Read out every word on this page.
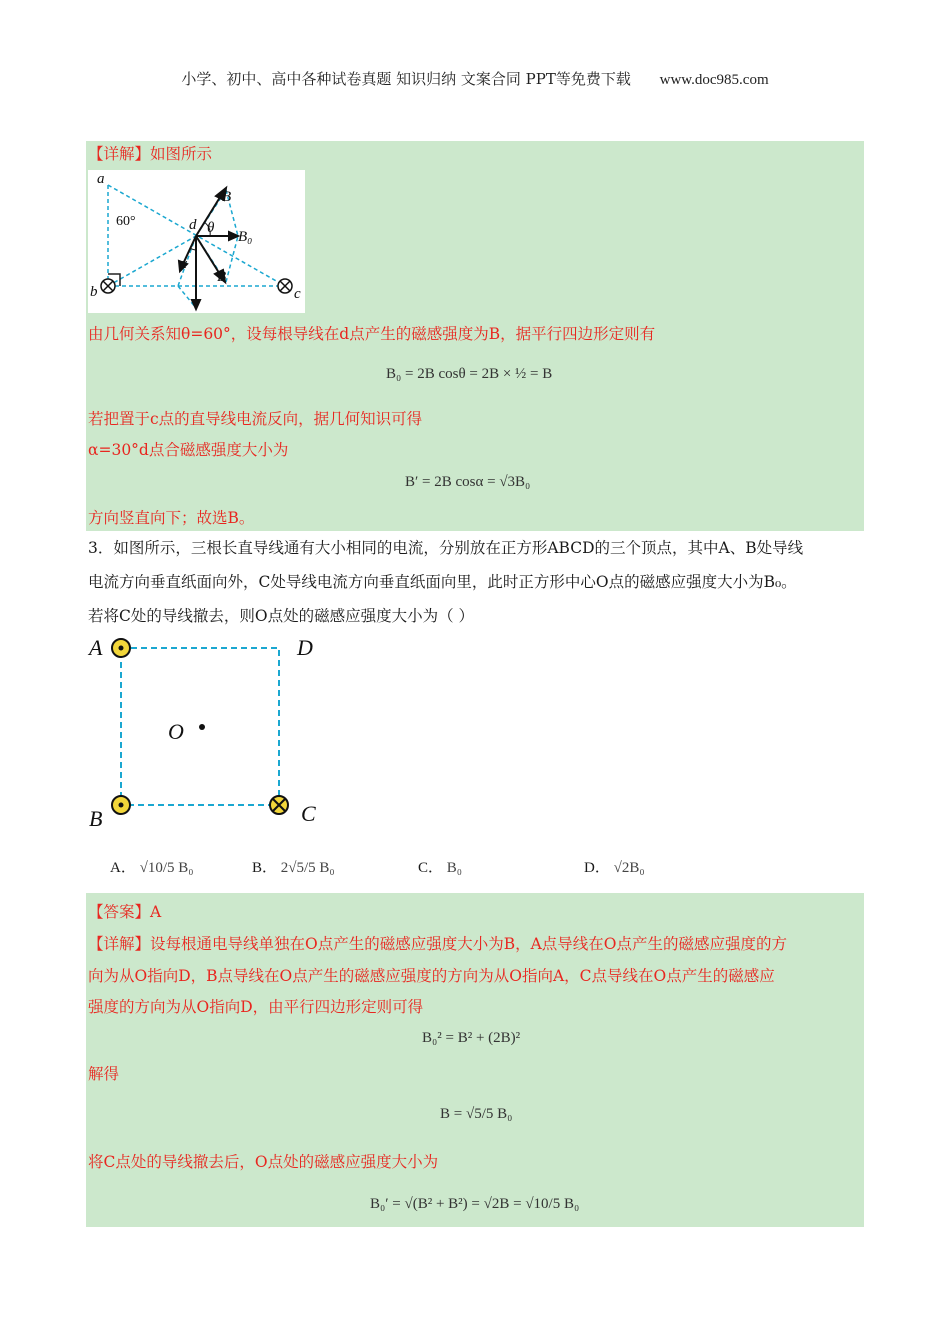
小学、初中、高中各种试卷真题 知识归纳 文案合同 PPT等免费下载 www.doc985.com
【详解】如图所示
a
b	c
d θ
α
B
B
B₀
60°
由几何关系知θ=60°，设每根导线在d点产生的磁感强度为B，据平行四边形定则有
B₀ = 2B cosθ = 2B × ½ = B
若把置于c点的直导线电流反向，据几何知识可得
α=30°d点合磁感强度大小为
B′ = 2B cosα = √3B₀
方向竖直向下；故选B。
3．如图所示，三根长直导线通有大小相同的电流，分别放在正方形ABCD的三个顶点，其中A、B处导线
电流方向垂直纸面向外，C处导线电流方向垂直纸面向里，此时正方形中心O点的磁感应强度大小为B₀。
若将C处的导线撤去，则O点处的磁感应强度大小为（ ）
A	D
B	C
O
A． √10/5 B₀	B． 2√5/5 B₀	C． B₀	D． √2B₀
【答案】A
【详解】设每根通电导线单独在O点产生的磁感应强度大小为B，A点导线在O点产生的磁感应强度的方
向为从O指向D，B点导线在O点产生的磁感应强度的方向为从O指向A，C点导线在O点产生的磁感应
强度的方向为从O指向D，由平行四边形定则可得
B₀² = B² + (2B)²
解得
B = √5/5 B₀
将C点处的导线撤去后，O点处的磁感应强度大小为
B₀′ = √(B² + B²) = √2B = √10/5 B₀
